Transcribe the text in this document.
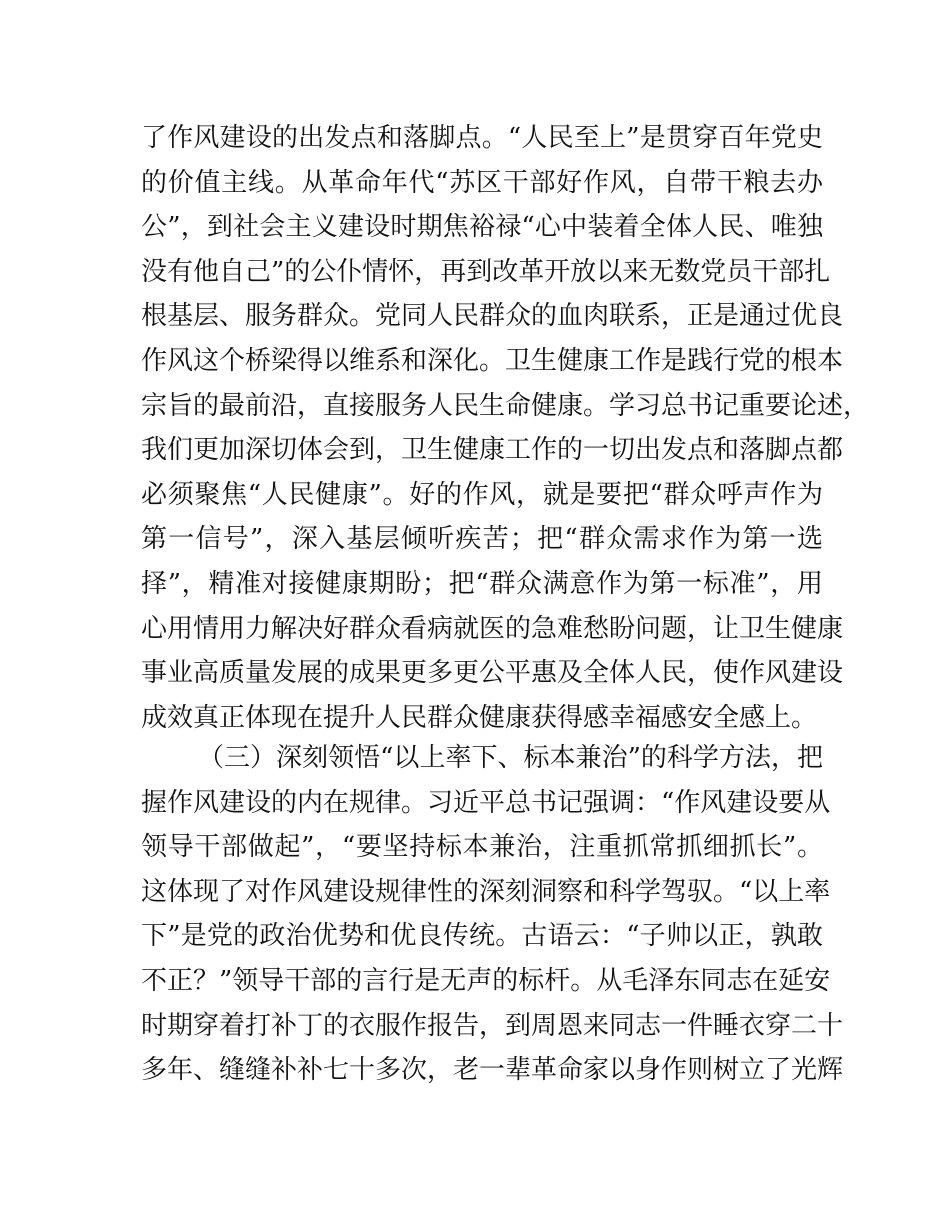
了作风建设的出发点和落脚点。“人民至上”是贯穿百年党史
的价值主线。从革命年代“苏区干部好作风，自带干粮去办
公”，到社会主义建设时期焦裕禄“心中装着全体人民、唯独
没有他自己”的公仆情怀，再到改革开放以来无数党员干部扎
根基层、服务群众。党同人民群众的血肉联系，正是通过优良
作风这个桥梁得以维系和深化。卫生健康工作是践行党的根本
宗旨的最前沿，直接服务人民生命健康。学习总书记重要论述，
我们更加深切体会到，卫生健康工作的一切出发点和落脚点都
必须聚焦“人民健康”。好的作风，就是要把“群众呼声作为
第一信号”，深入基层倾听疾苦；把“群众需求作为第一选
择”，精准对接健康期盼；把“群众满意作为第一标准”，用
心用情用力解决好群众看病就医的急难愁盼问题，让卫生健康
事业高质量发展的成果更多更公平惠及全体人民，使作风建设
成效真正体现在提升人民群众健康获得感幸福感安全感上。
（三）深刻领悟“以上率下、标本兼治”的科学方法，把
握作风建设的内在规律。习近平总书记强调：“作风建设要从
领导干部做起”，“要坚持标本兼治，注重抓常抓细抓长”。
这体现了对作风建设规律性的深刻洞察和科学驾驭。“以上率
下”是党的政治优势和优良传统。古语云：“子帅以正，孰敢
不正？”领导干部的言行是无声的标杆。从毛泽东同志在延安
时期穿着打补丁的衣服作报告，到周恩来同志一件睡衣穿二十
多年、缝缝补补七十多次，老一辈革命家以身作则树立了光辉
